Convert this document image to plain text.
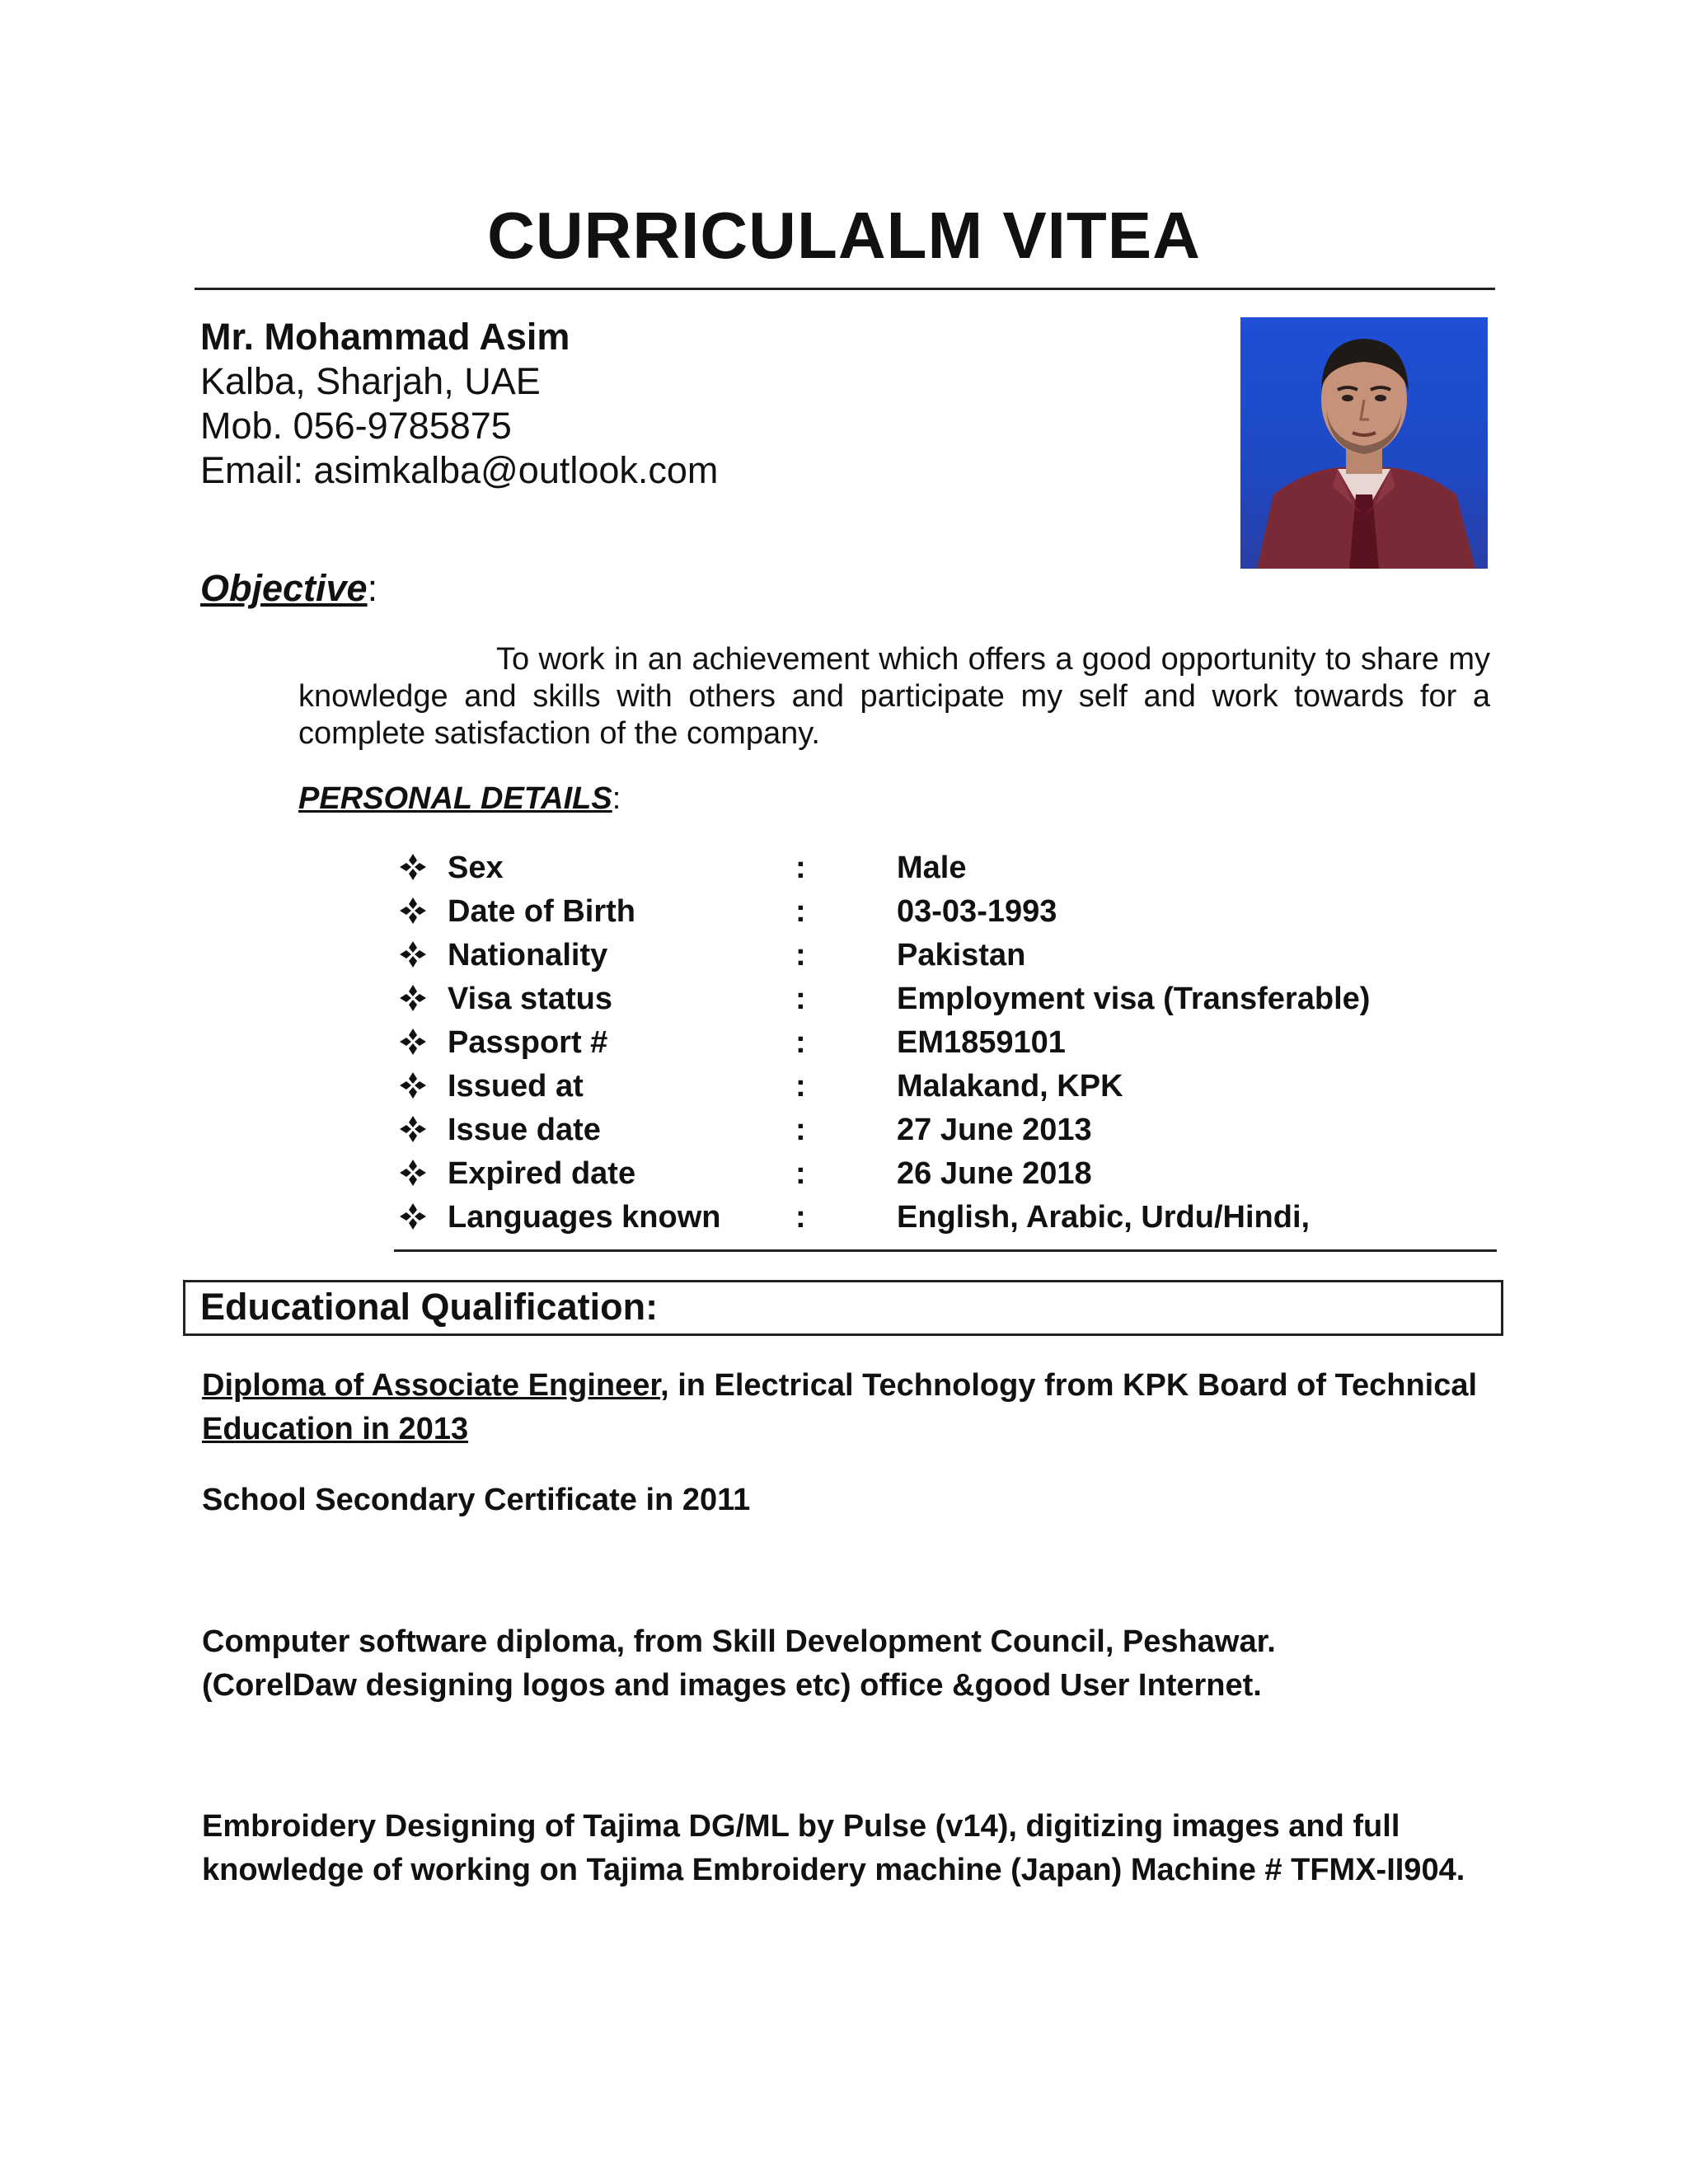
CURRICULALM VITEA
Mr. Mohammad Asim
Kalba, Sharjah, UAE
Mob. 056-9785875
Email: asimkalba@outlook.com
Objective:
To work in an achievement which offers a good opportunity to share my knowledge and skills with others and participate my self and work towards for a complete satisfaction of the company.
PERSONAL DETAILS:
Sex	:	Male
Date of Birth	:	03-03-1993
Nationality	:	Pakistan
Visa status	:	Employment visa (Transferable)
Passport #	:	EM1859101
Issued at	:	Malakand, KPK
Issue date	:	27 June 2013
Expired date	:	26 June 2018
Languages known :	English, Arabic, Urdu/Hindi,
Educational Qualification:
Diploma of Associate Engineer, in Electrical Technology from KPK Board of Technical Education in 2013
School Secondary Certificate in 2011
Computer software diploma, from Skill Development Council, Peshawar.
(CorelDaw designing logos and images etc) office &good User Internet.
Embroidery Designing of Tajima DG/ML by Pulse (v14), digitizing images and full knowledge of working on Tajima Embroidery machine (Japan) Machine # TFMX-II904.
